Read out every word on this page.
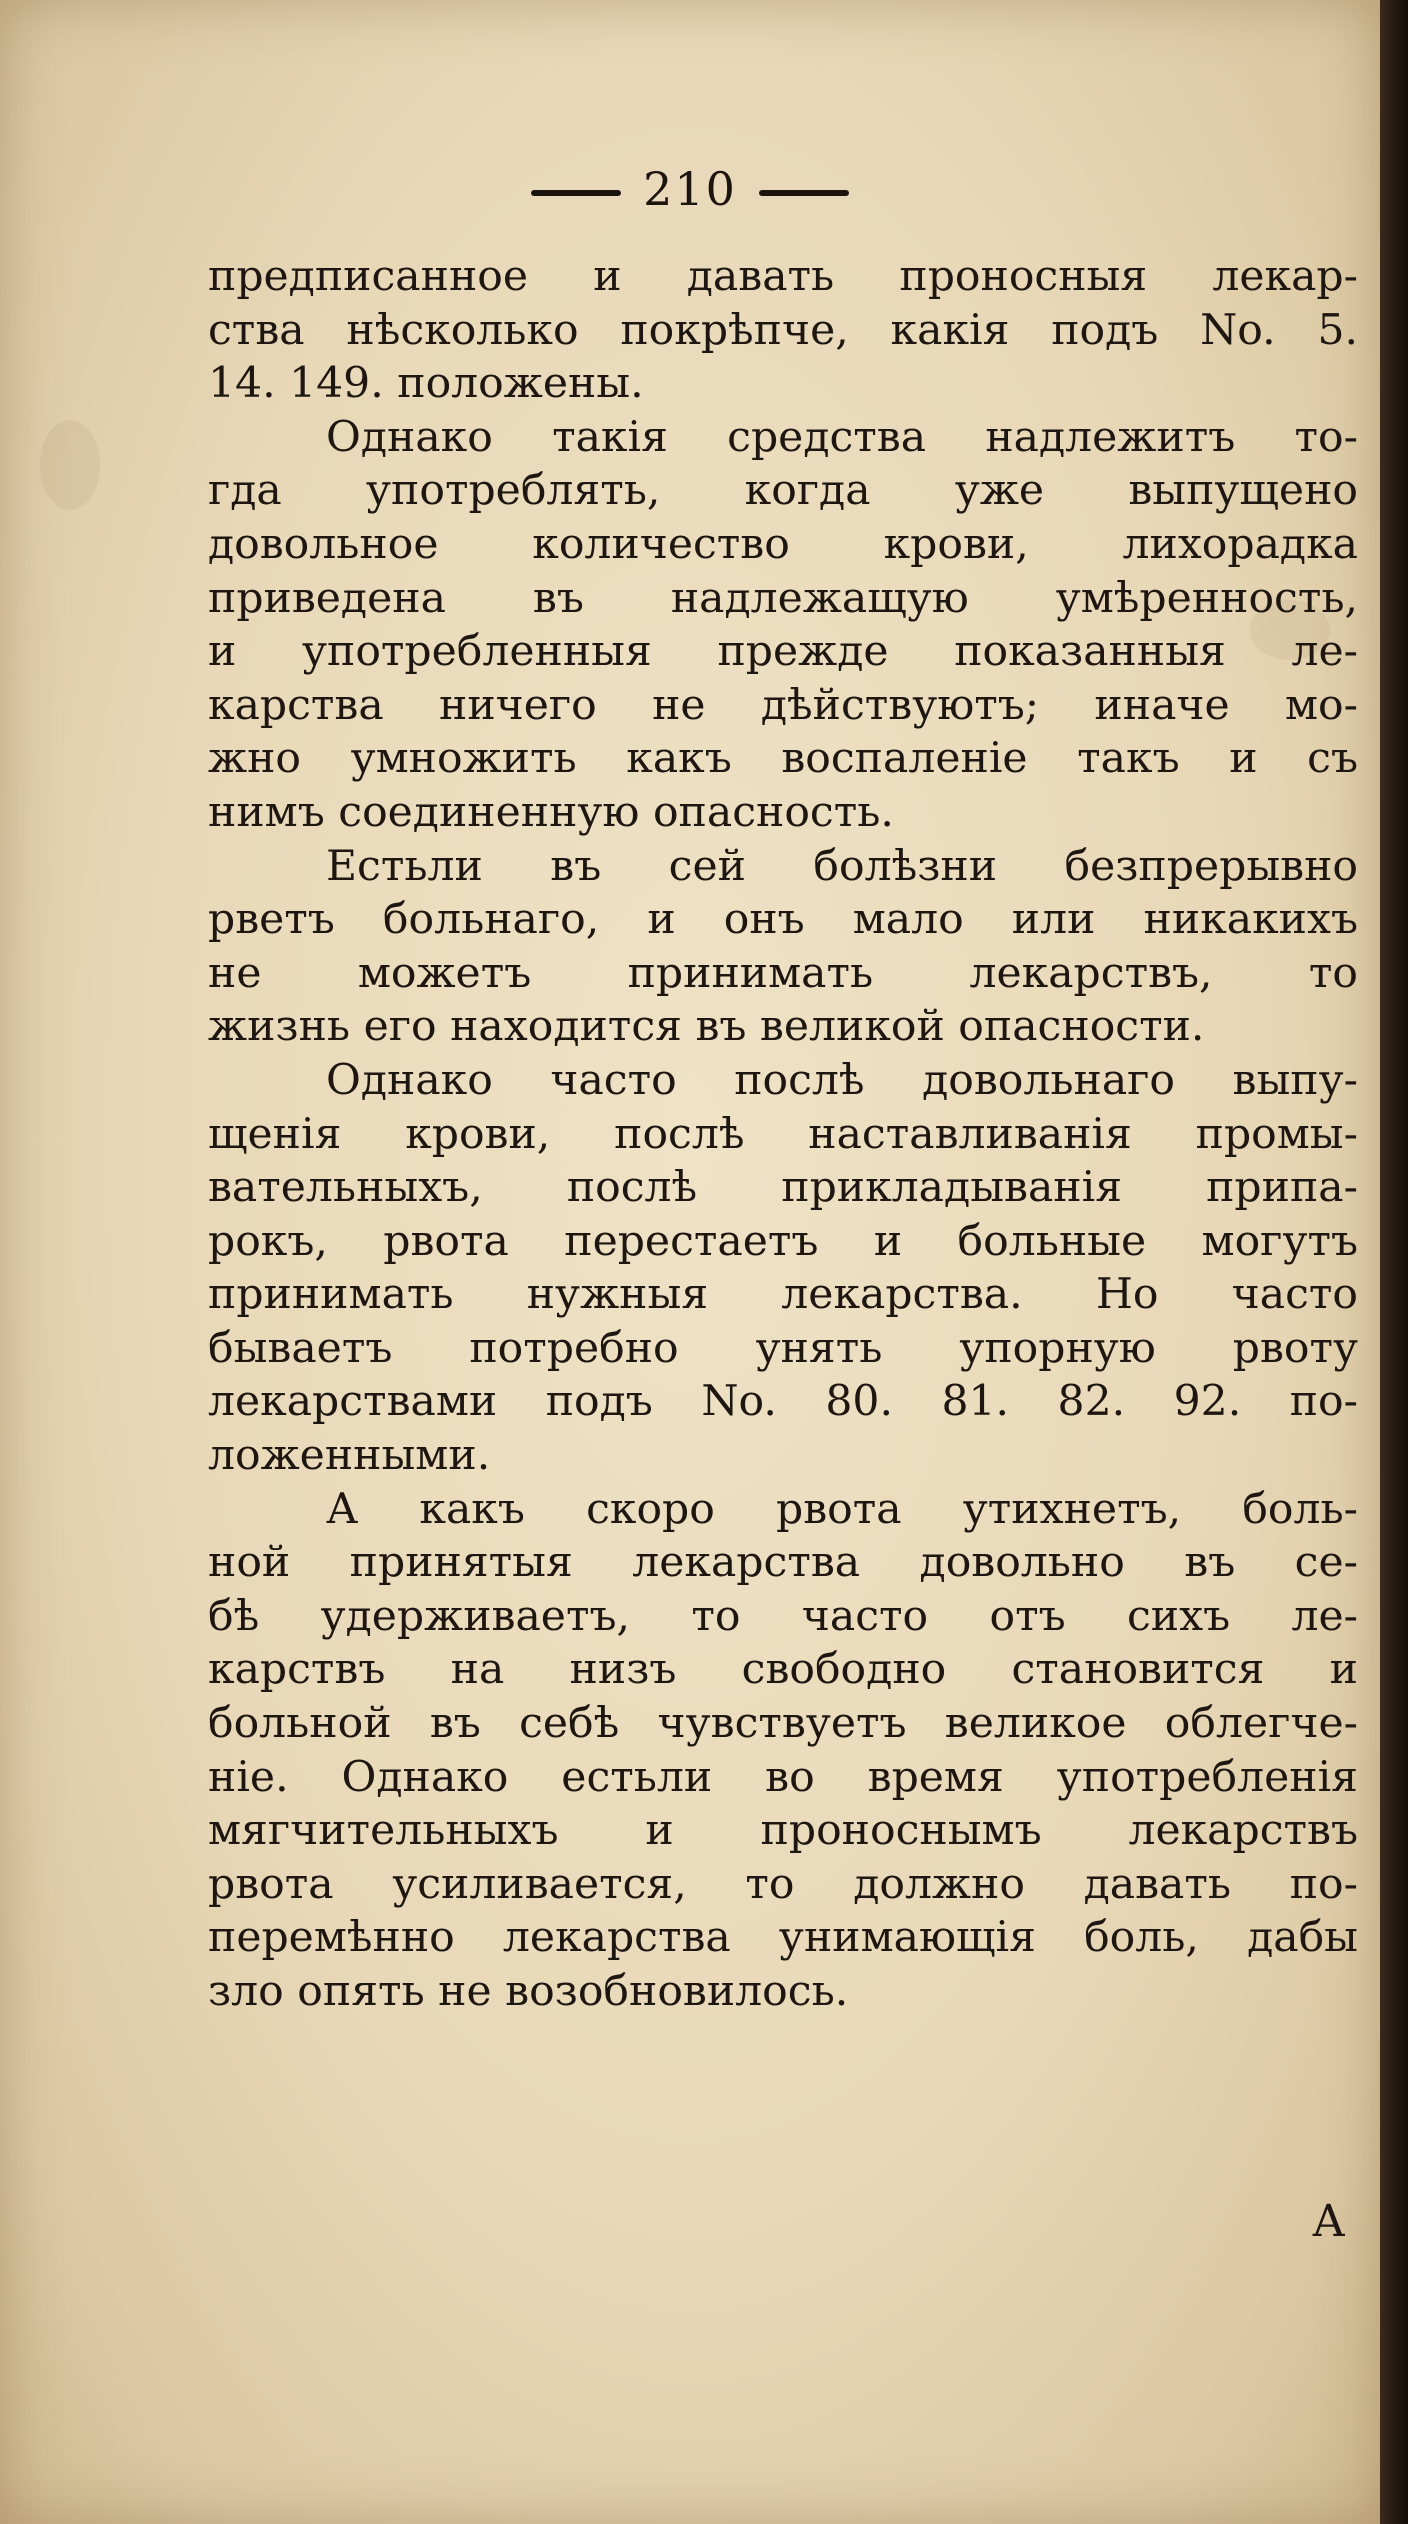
210
предписанное и давать проносныя лекар-
ства нѣсколько покрѣпче, какія подъ No. 5.
14. 149. положены.
Однако такія средства надлежитъ то-
гда употреблять, когда уже выпущено
довольное количество крови, лихорадка
приведена въ надлежащую умѣренность,
и употребленныя прежде показанныя ле-
карства ничего не дѣйствуютъ; иначе мо-
жно умножить какъ воспаленіе такъ и съ
нимъ соединенную опасность.
Естьли въ сей болѣзни безпрерывно
рветъ больнаго, и онъ мало или никакихъ
не можетъ принимать лекарствъ, то
жизнь его находится въ великой опасности.
Однако часто послѣ довольнаго выпу-
щенія крови, послѣ наставливанія промы-
вательныхъ, послѣ прикладыванія припа-
рокъ, рвота перестаетъ и больные могутъ
принимать нужныя лекарства. Но часто
бываетъ потребно унять упорную рвоту
лекарствами подъ No. 80. 81. 82. 92. по-
ложенными.
А какъ скоро рвота утихнетъ, боль-
ной принятыя лекарства довольно въ се-
бѣ удерживаетъ, то часто отъ сихъ ле-
карствъ на низъ свободно становится и
больной въ себѣ чувствуетъ великое облегче-
ніе. Однако естьли во время употребленія
мягчительныхъ и проноснымъ лекарствъ
рвота усиливается, то должно давать по-
перемѣнно лекарства унимающія боль, дабы
зло опять не возобновилось.
А
